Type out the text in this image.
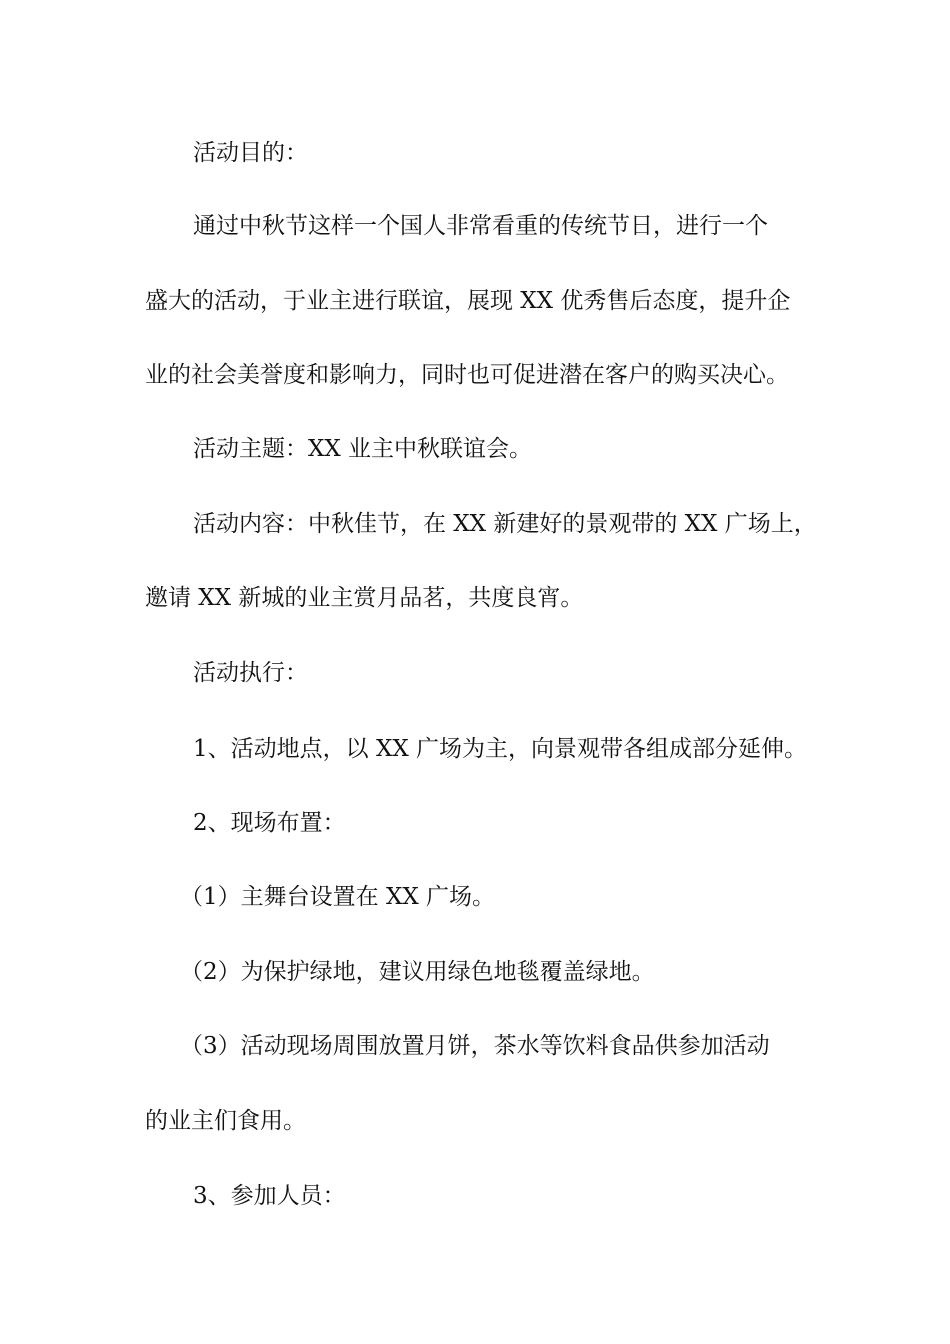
活动目的：

通过中秋节这样一个国人非常看重的传统节日，进行一个

盛大的活动，于业主进行联谊，展现 XX 优秀售后态度，提升企

业的社会美誉度和影响力，同时也可促进潜在客户的购买决心。

活动主题：XX 业主中秋联谊会。

活动内容：中秋佳节，在 XX 新建好的景观带的 XX 广场上，

邀请 XX 新城的业主赏月品茗，共度良宵。

活动执行：

1、活动地点，以 XX 广场为主，向景观带各组成部分延伸。

2、现场布置：

（1）主舞台设置在 XX 广场。

（2）为保护绿地，建议用绿色地毯覆盖绿地。

（3）活动现场周围放置月饼，茶水等饮料食品供参加活动

的业主们食用。

3、参加人员：
